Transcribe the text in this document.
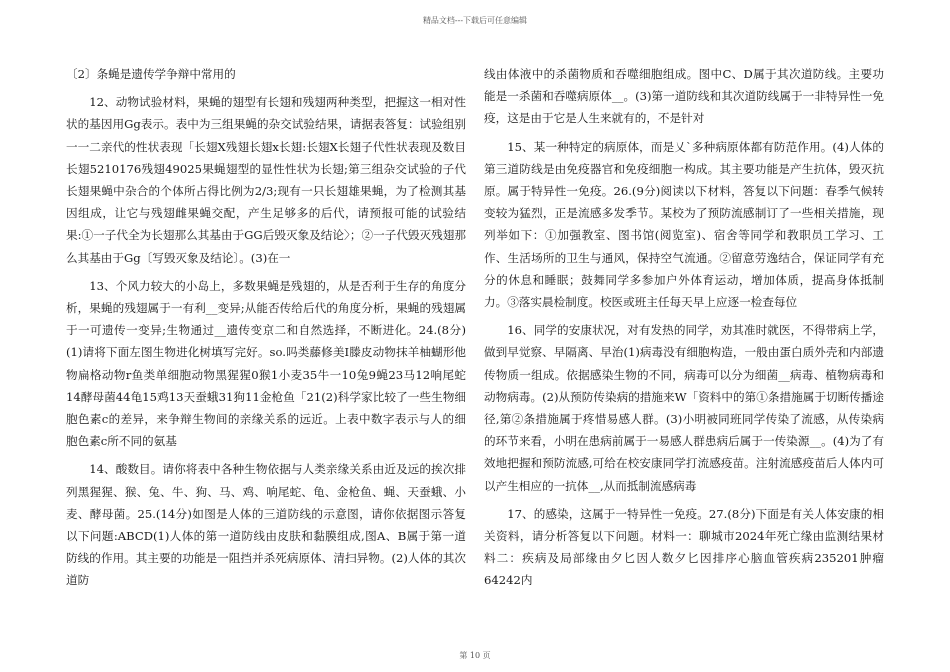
精品文档---下载后可任意编辑

〔2〕条蝇是遗传学争辩中常用的

12、动物试验材料，果蝇的翅型有长翅和残翅两种类型，把握这一相对性状的基因用Gg表示。表中为三组果蝇的杂交试验结果，请据表答复：试验组别一一二亲代的性状表现「长翅X残翅长翅x长翅:长翅X长翅子代性状表现及数目长翅5210176残翅49025果蝇翅型的显性性状为长翅;第三组杂交试验的子代长翅果蝇中杂合的个体所占得比例为2/3;现有一只长翅雄果蝇，为了检测其基因组成，让它与残翅雌果蝇交配，产生足够多的后代，请预报可能的试验结果:①一子代全为长翅那么其基由于GG后毁灭象及结论〉；②一子代毁灭残翅那么其基由于Gg〔写毁灭象及结论〕。(3)在一

13、个风力较大的小岛上，多数果蝇是残翅的，从是否利于生存的角度分析，果蝇的残翅属于一有利__变异;从能否传给后代的角度分析，果蝇的残翅属于一可遗传一变异;生物通过__遗传变京二和自然选择，不断进化。24.(8分)(1)请将下面左图生物进化树填写完好。so.吗类藤修美I滕皮动物抹羊柚蝴形他物扁格动物r鱼类单细胞动物黑猩猩0猴1小麦35牛一10兔9蝇23马12响尾蛇14酵母菌44龟15鸡13天蚕蛾31狗11金枪鱼「21(2)科学家比较了一些生物细胞色素c的差异，来争辩生物间的亲缘关系的远近。上表中数字表示与人的细胞色素c所不同的氨基

14、酸数目。请你将表中各种生物依据与人类亲缘关系由近及远的挨次排列黑猩猩、猴、兔、牛、狗、马、鸡、响尾蛇、龟、金枪鱼、蝇、天蚕蛾、小麦、酵母菌。25.(14分)如图是人体的三道防线的示意图，请你依据图示答复以下问题:ABCD(1)人体的第一道防线由皮肤和黏膜组成,图A、B属于第一道防线的作用。其主要的功能是一阻挡并杀死病原体、清扫异物。(2)人体的其次道防

线由体液中的杀菌物质和吞噬细胞组成。图中C、D属于其次道防线。主要功能是一杀菌和吞噬病原体__。(3)第一道防线和其次道防线属于一非特异性一免疫，这是由于它是人生来就有的，不是针对

15、某一种特定的病原体，而是乂`多种病原体都有防范作用。(4)人体的第三道防线是由免疫器官和免疫细胞一构成。其主要功能是产生抗体，毁灭抗原。属于特异性一免疫。26.(9分)阅读以下材料，答复以下问题：春季气候转变较为猛烈，正是流感多发季节。某校为了预防流感制订了一些相关措施，现列举如下：①加强教室、图书馆(阅览室)、宿舍等同学和教职员工学习、工作、生活场所的卫生与通风，保持空气流通。②留意劳逸结合，保证同学有充分的休息和睡眠；鼓舞同学多参加户外体育运动，增加体质，提高身体抵制力。③落实晨检制度。校医或班主任每天早上应逐一检查每位

16、同学的安康状况，对有发热的同学，劝其准时就医，不得带病上学，做到早觉察、早隔离、早治(1)病毒没有细胞构造，一般由蛋白质外壳和内部遗传物质一组成。依据感染生物的不同，病毒可以分为细菌__病毒、植物病毒和动物病毒。(2)从预防传染病的措施来W「资料中的第①条措施属于切断传播途径,第②条措施属于疼惜易感人群。(3)小明被同班同学传染了流感，从传染病的环节来看，小明在患病前属于一易感人群患病后属于一传染源__。(4)为了有效地把握和预防流感,可给在校安康同学打流感疫苗。注射流感疫苗后人体内可以产生相应的一抗体__,从而抵制流感病毒

17、的感染，这属于一特异性一免疫。27.(8分)下面是有关人体安康的相关资料，请分析答复以下问题。材料一：聊城市2024年死亡缘由监测结果材料二：疾病及局部缘由夕匕因人数夕匕因排序心脑血管疾病235201肿瘤64242内

第 10 页
